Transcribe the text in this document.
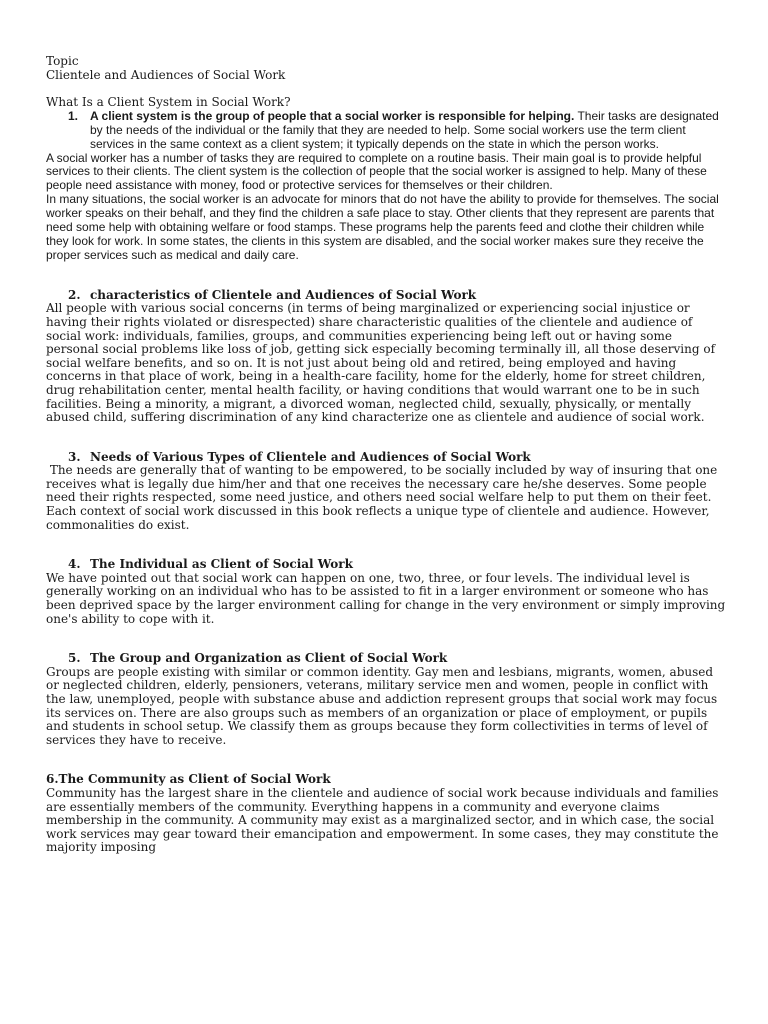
Topic

Clientele and Audiences of Social Work

What Is a Client System in Social Work?

1. A client system is the group of people that a social worker is responsible for helping. Their tasks are designated by the needs of the individual or the family that they are needed to help. Some social workers use the term client services in the same context as a client system; it typically depends on the state in which the person works.

A social worker has a number of tasks they are required to complete on a routine basis. Their main goal is to provide helpful services to their clients. The client system is the collection of people that the social worker is assigned to help. Many of these people need assistance with money, food or protective services for themselves or their children.

In many situations, the social worker is an advocate for minors that do not have the ability to provide for themselves. The social worker speaks on their behalf, and they find the children a safe place to stay. Other clients that they represent are parents that need some help with obtaining welfare or food stamps. These programs help the parents feed and clothe their children while they look for work. In some states, the clients in this system are disabled, and the social worker makes sure they receive the proper services such as medical and daily care.

2. characteristics of Clientele and Audiences of Social Work

All people with various social concerns (in terms of being marginalized or experiencing social injustice or having their rights violated or disrespected) share characteristic qualities of the clientele and audience of social work: individuals, families, groups, and communities experiencing being left out or having some personal social problems like loss of job, getting sick especially becoming terminally ill, all those deserving of social welfare benefits, and so on. It is not just about being old and retired, being employed and having concerns in that place of work, being in a health-care facility, home for the elderly, home for street children, drug rehabilitation center, mental health facility, or having conditions that would warrant one to be in such facilities. Being a minority, a migrant, a divorced woman, neglected child, sexually, physically, or mentally abused child, suffering discrimination of any kind characterize one as clientele and audience of social work.

3. Needs of Various Types of Clientele and Audiences of Social Work

The needs are generally that of wanting to be empowered, to be socially included by way of insuring that one receives what is legally due him/her and that one receives the necessary care he/she deserves. Some people need their rights respected, some need justice, and others need social welfare help to put them on their feet. Each context of social work discussed in this book reflects a unique type of clientele and audience. However, commonalities do exist.

4. The Individual as Client of Social Work

We have pointed out that social work can happen on one, two, three, or four levels. The individual level is generally working on an individual who has to be assisted to fit in a larger environment or someone who has been deprived space by the larger environment calling for change in the very environment or simply improving one's ability to cope with it.

5. The Group and Organization as Client of Social Work

Groups are people existing with similar or common identity. Gay men and lesbians, migrants, women, abused or neglected children, elderly, pensioners, veterans, military service men and women, people in conflict with the law, unemployed, people with substance abuse and addiction represent groups that social work may focus its services on. There are also groups such as members of an organization or place of employment, or pupils and students in school setup. We classify them as groups because they form collectivities in terms of level of services they have to receive.

6.The Community as Client of Social Work

Community has the largest share in the clientele and audience of social work because individuals and families are essentially members of the community. Everything happens in a community and everyone claims membership in the community. A community may exist as a marginalized sector, and in which case, the social work services may gear toward their emancipation and empowerment. In some cases, they may constitute the majority imposing
